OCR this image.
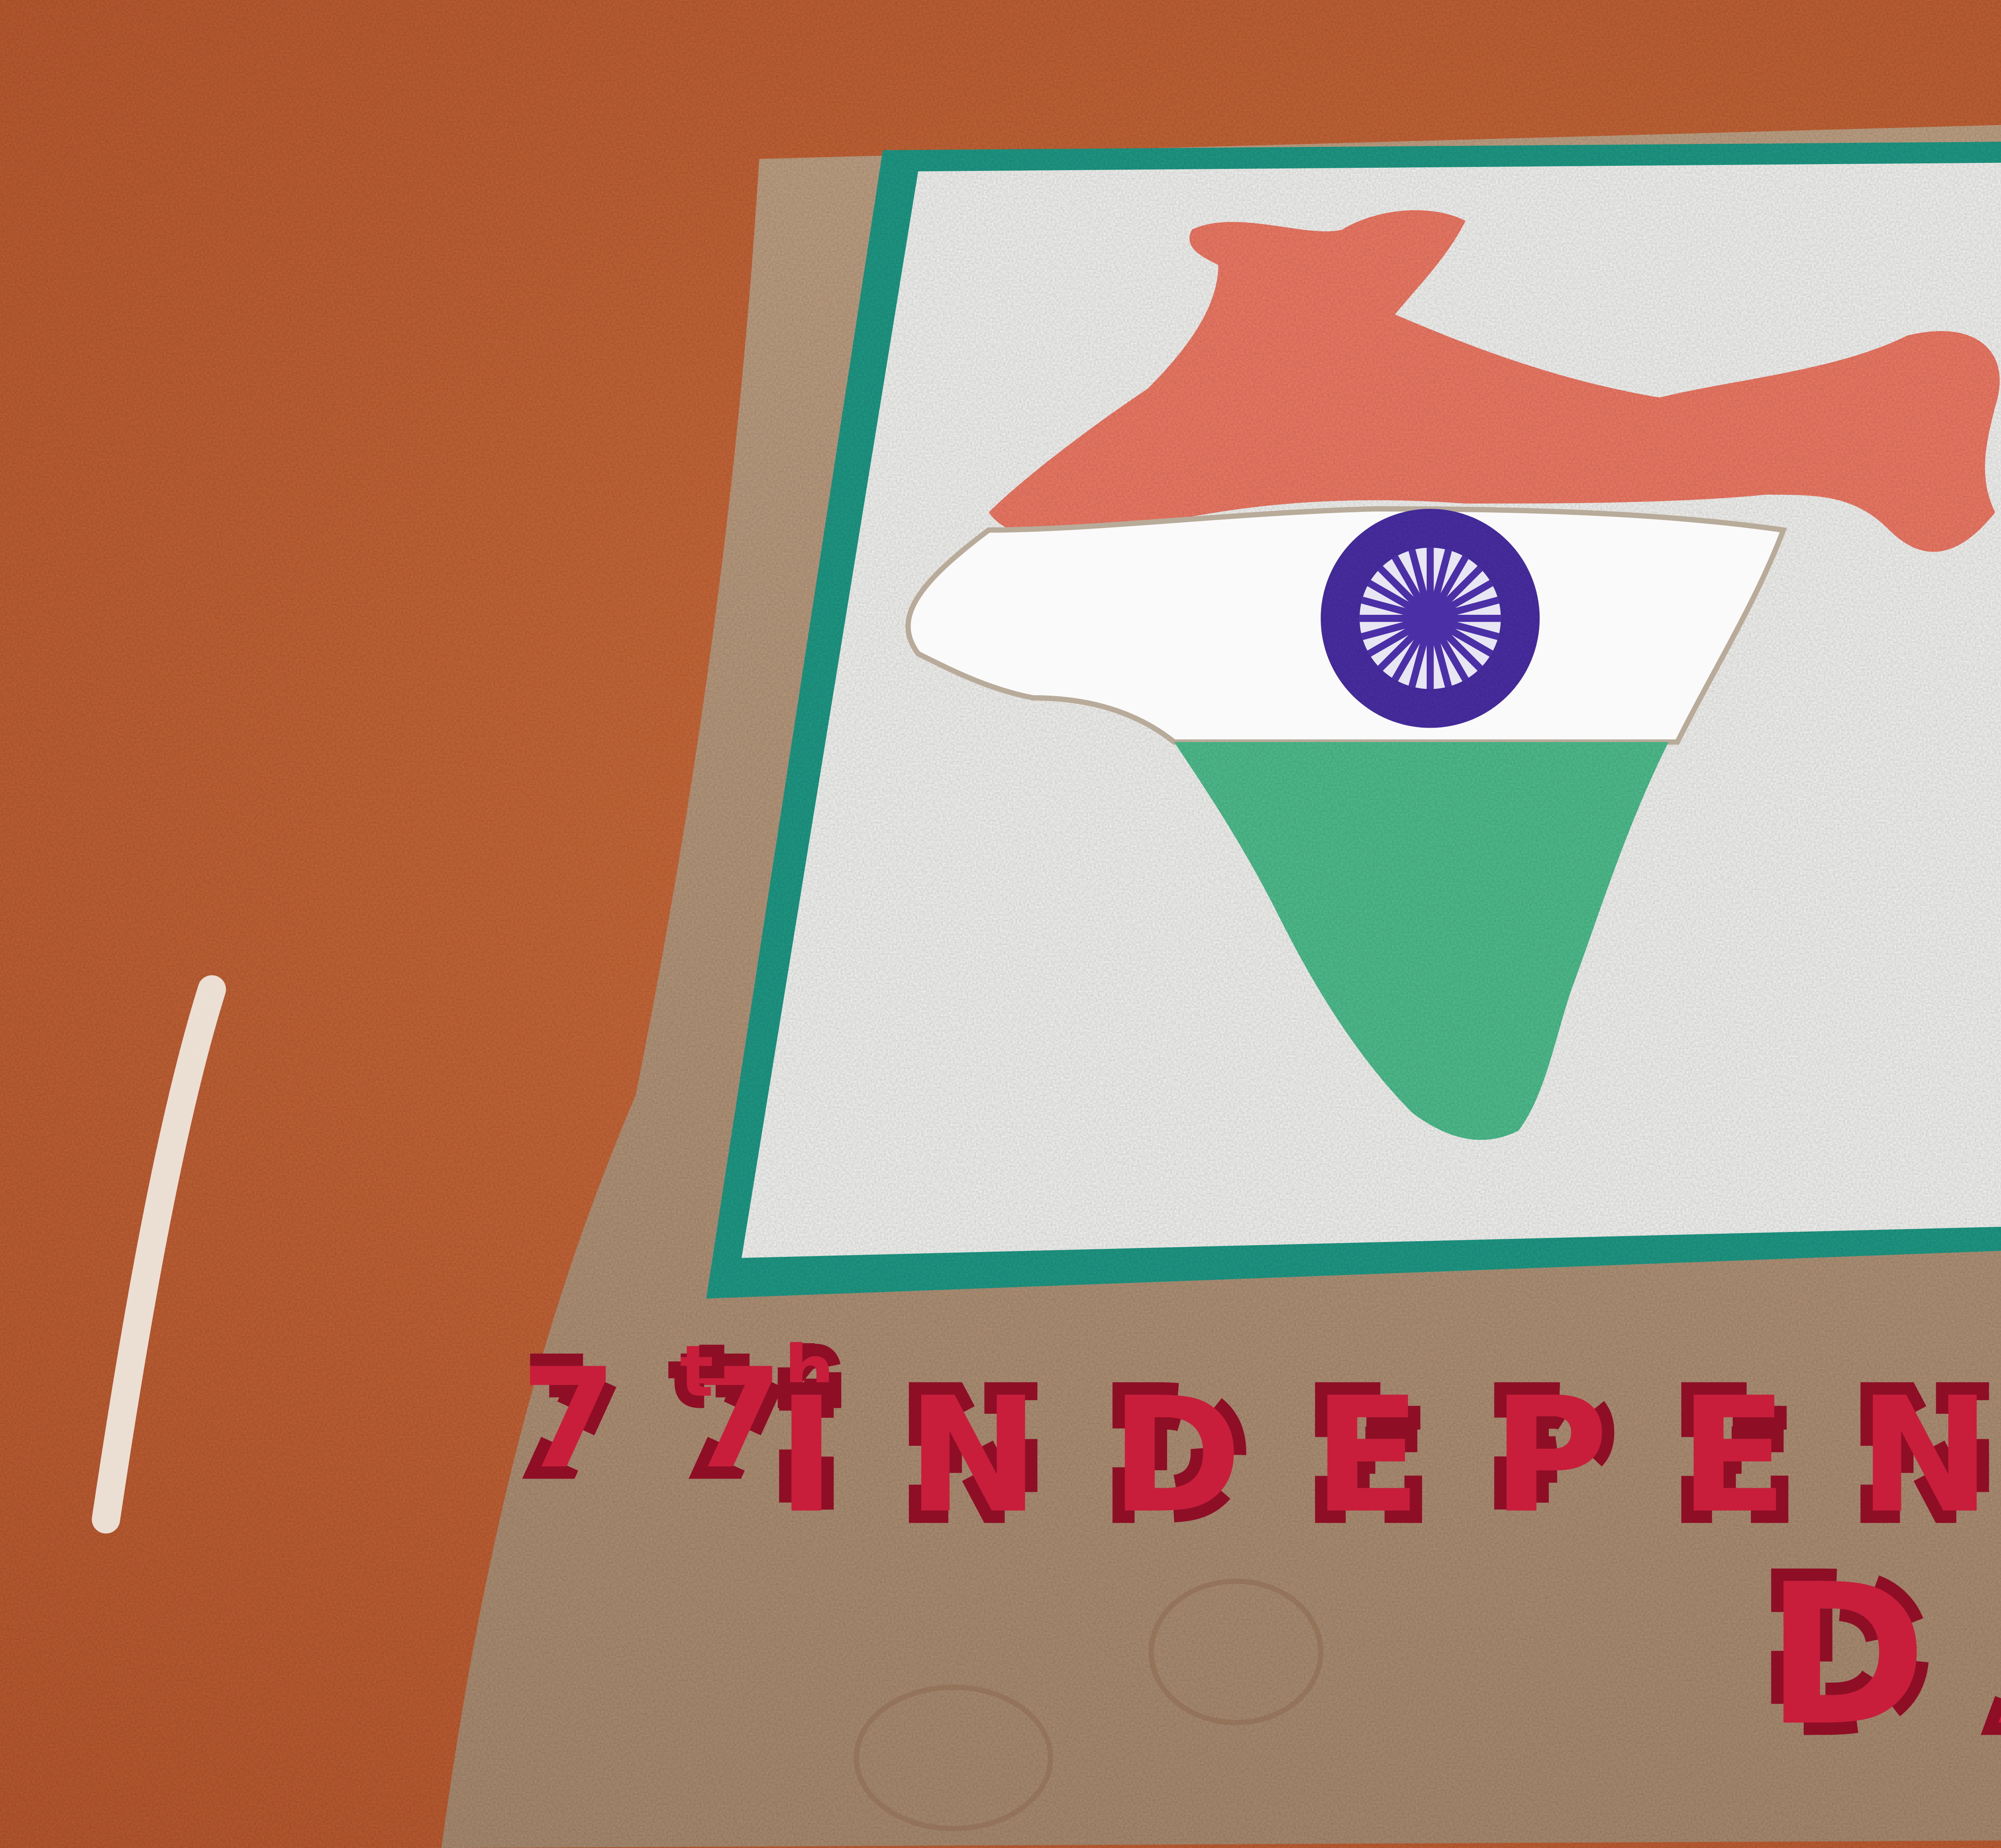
77
th
INDEPE
D
